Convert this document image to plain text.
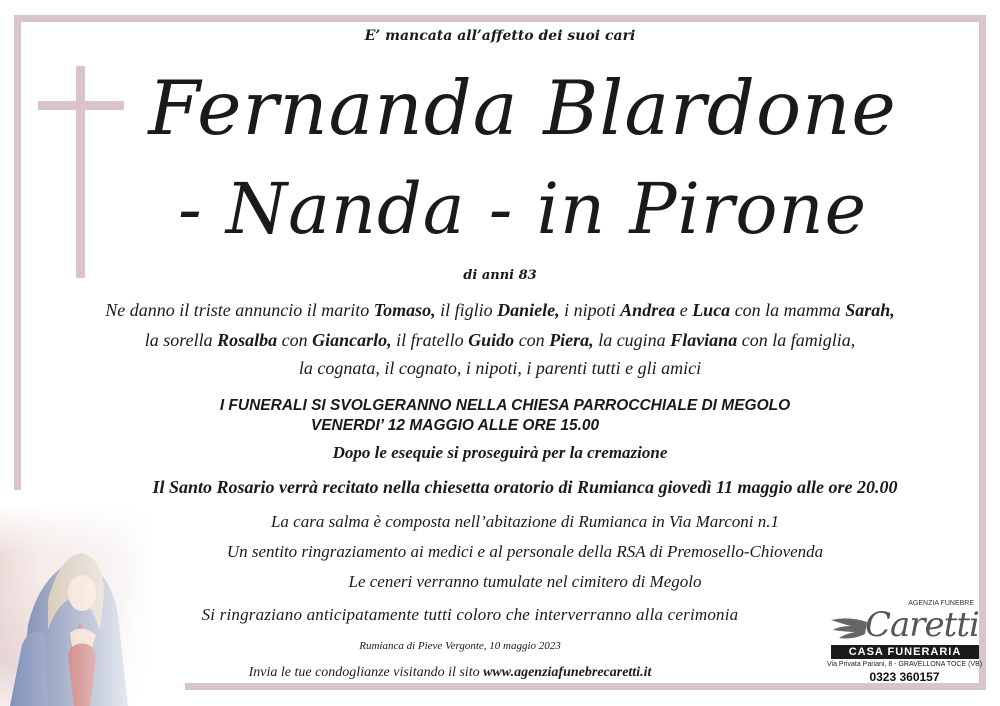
E’ mancata all’affetto dei suoi cari
Fernanda Blardone
- Nanda - in Pirone
di anni 83
Ne danno il triste annuncio il marito Tomaso, il figlio Daniele, i nipoti Andrea e Luca con la mamma Sarah,
la sorella Rosalba con Giancarlo, il fratello Guido con Piera, la cugina Flaviana con la famiglia,
la cognata, il cognato, i nipoti, i parenti tutti e gli amici
I FUNERALI SI SVOLGERANNO NELLA CHIESA PARROCCHIALE DI MEGOLO
VENERDI’ 12 MAGGIO ALLE ORE 15.00
Dopo le esequie si proseguirà per la cremazione
Il Santo Rosario verrà recitato nella chiesetta oratorio di Rumianca giovedì 11 maggio alle ore 20.00
La cara salma è composta nell’abitazione di Rumianca in Via Marconi n.1
Un sentito ringraziamento ai medici e al personale della RSA di Premosello-Chiovenda
Le ceneri verranno tumulate nel cimitero di Megolo
Si ringraziano anticipatamente tutti coloro che interverranno alla cerimonia
Rumianca di Pieve Vergonte, 10 maggio 2023
Invia le tue condoglianze visitando il sito www.agenziafunebrecaretti.it
AGENZIA FUNEBRE
Caretti
CASA FUNERARIA
Via Privata Pariani, 8 - GRAVELLONA TOCE (VB)
0323 360157
